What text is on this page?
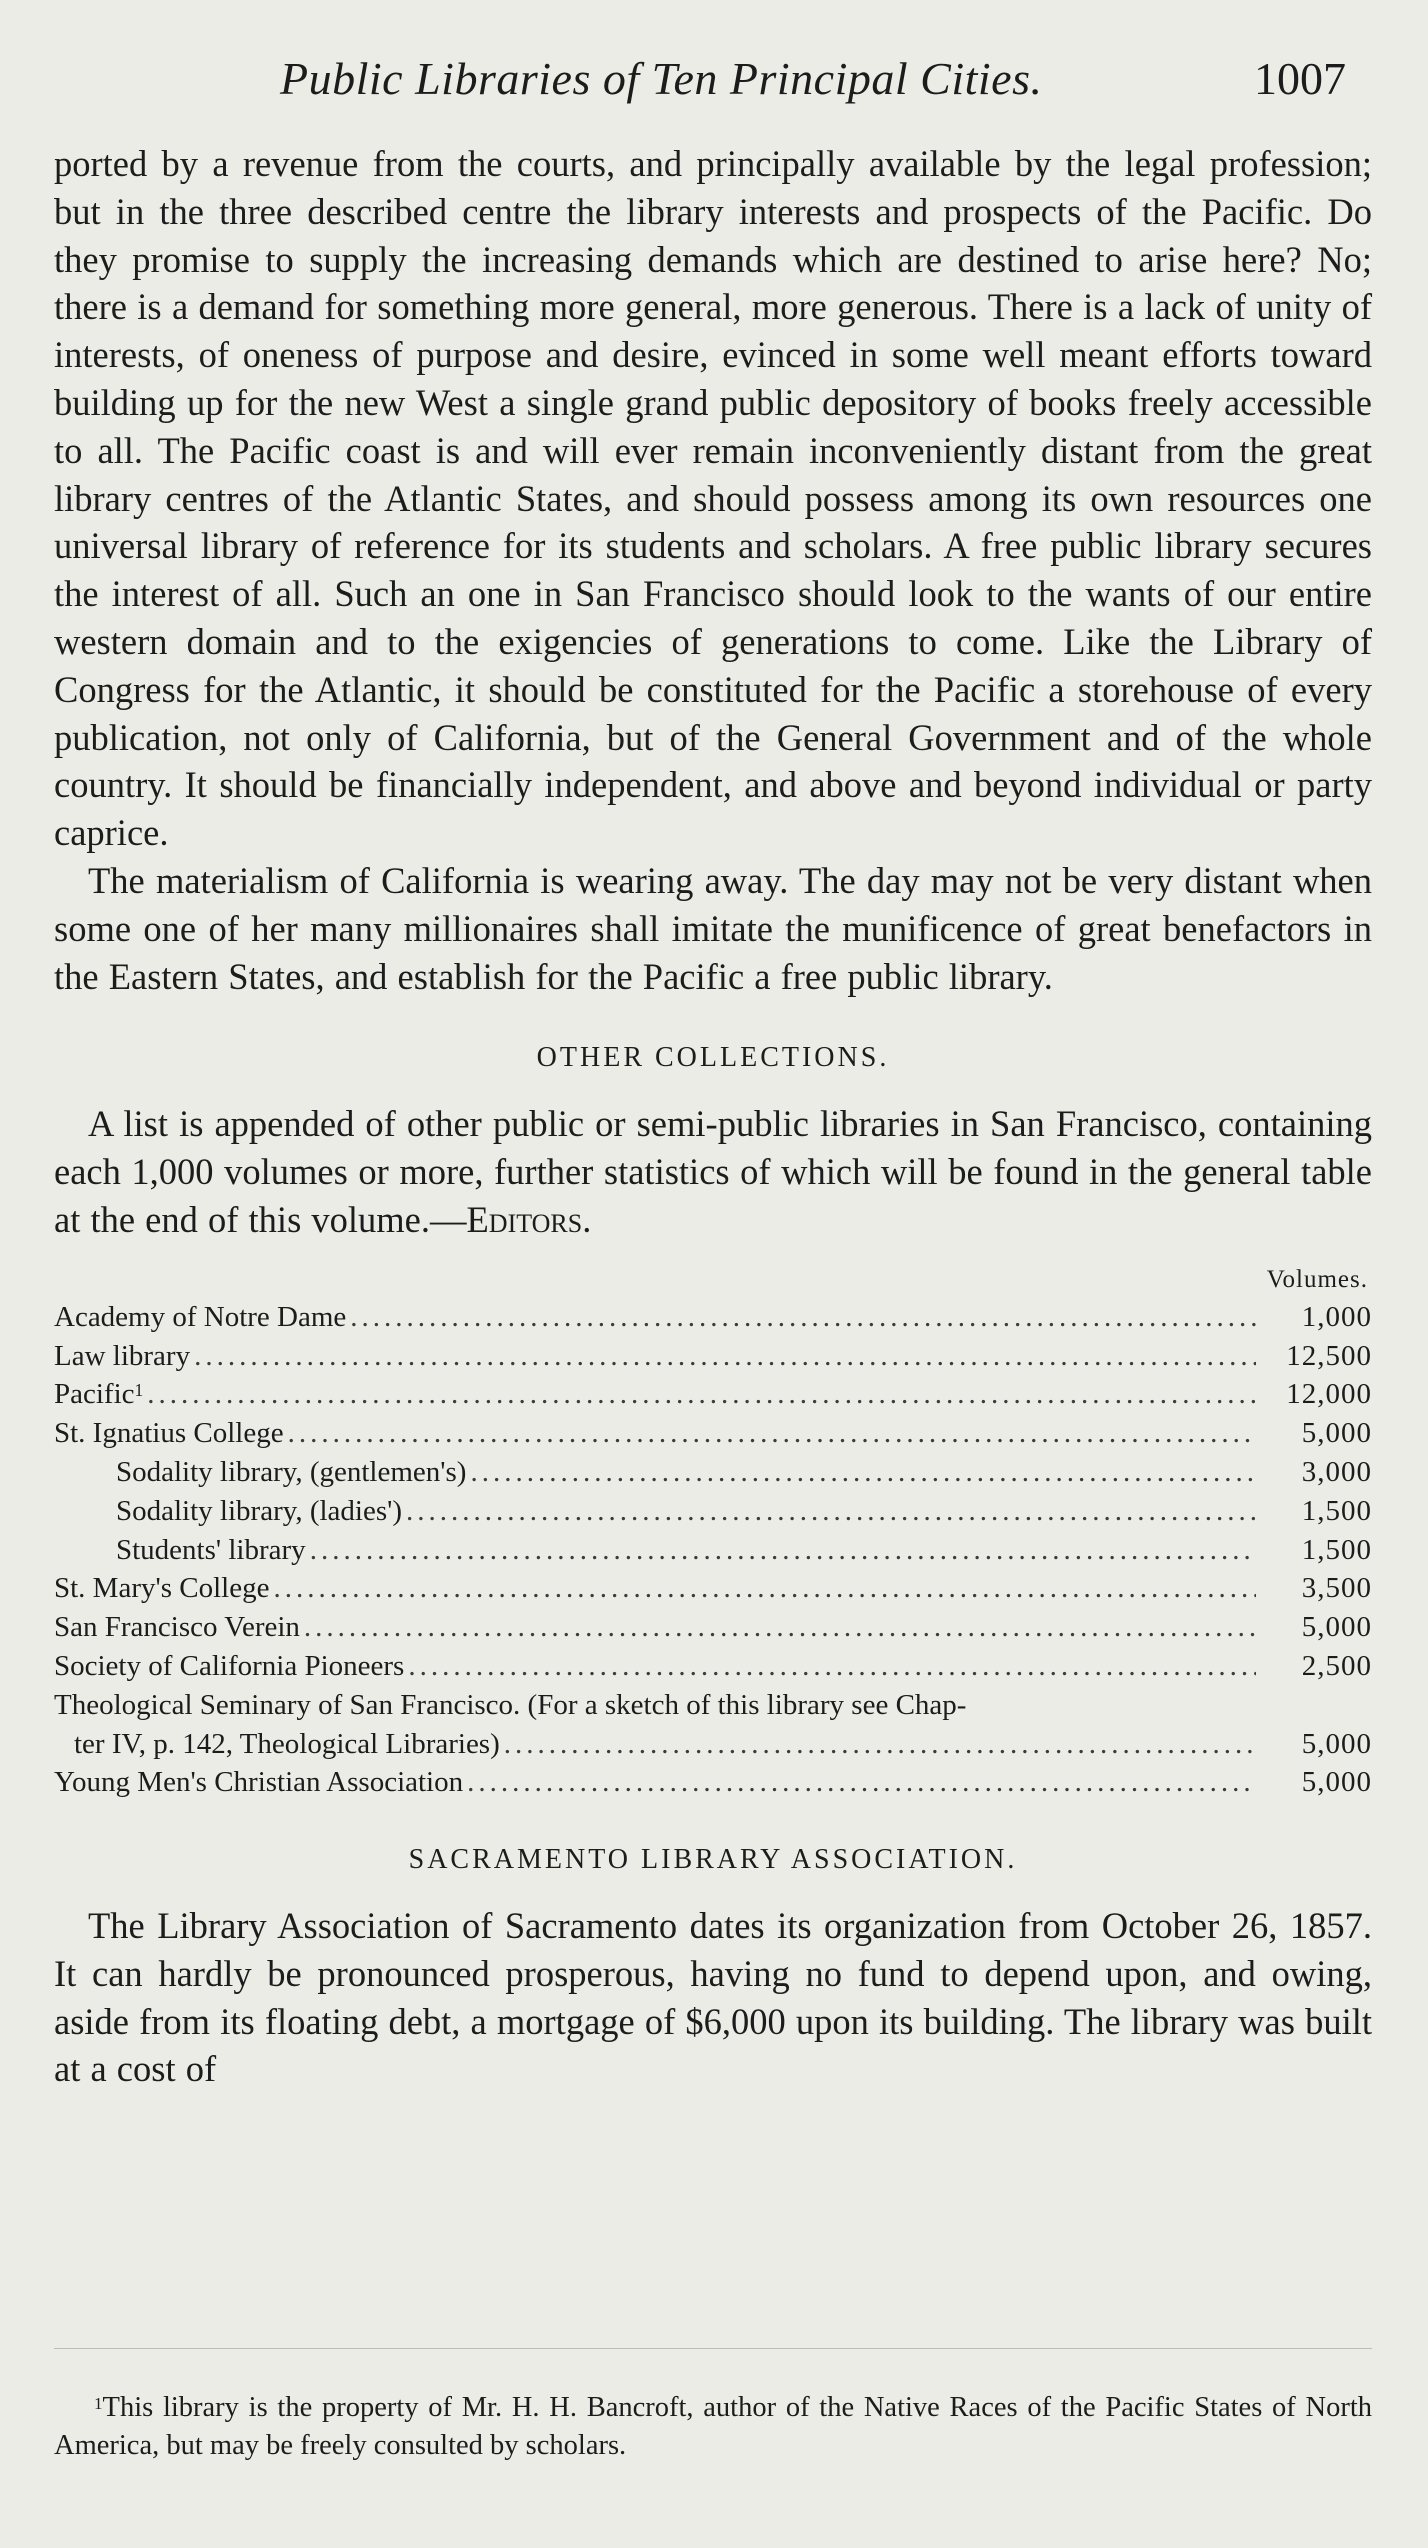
Public Libraries of Ten Principal Cities.	1007

ported by a revenue from the courts, and principally available by the legal profession; but in the three described centre the library interests and prospects of the Pacific. Do they promise to supply the increasing demands which are destined to arise here? No; there is a demand for something more general, more generous. There is a lack of unity of interests, of oneness of purpose and desire, evinced in some well meant efforts toward building up for the new West a single grand public depository of books freely accessible to all. The Pacific coast is and will ever remain inconveniently distant from the great library centres of the Atlantic States, and should possess among its own resources one universal library of reference for its students and scholars. A free public library secures the interest of all. Such an one in San Francisco should look to the wants of our entire western domain and to the exigencies of generations to come. Like the Library of Congress for the Atlantic, it should be constituted for the Pacific a storehouse of every publication, not only of California, but of the General Government and of the whole country. It should be financially independent, and above and beyond individual or party caprice.

The materialism of California is wearing away. The day may not be very distant when some one of her many millionaires shall imitate the munificence of great benefactors in the Eastern States, and establish for the Pacific a free public library.

OTHER COLLECTIONS.

A list is appended of other public or semi-public libraries in San Francisco, containing each 1,000 volumes or more, further statistics of which will be found in the general table at the end of this volume.—Editors.

Volumes.
Academy of Notre Dame .....	1,000
Law library .....	12,500
Pacific$^1$ .....	12,000
St. Ignatius College .....	5,000
Sodality library, (gentlemen's) .....	3,000
Sodality library, (ladies') .....	1,500
Students' library .....	1,500
St. Mary's College .....	3,500
San Francisco Verein .....	5,000
Society of California Pioneers .....	2,500
Theological Seminary of San Francisco. (For a sketch of this library see Chap-
ter IV, p. 142, Theological Libraries) .....	5,000
Young Men's Christian Association .....	5,000
SACRAMENTO LIBRARY ASSOCIATION.

The Library Association of Sacramento dates its organization from October 26, 1857. It can hardly be pronounced prosperous, having no fund to depend upon, and owing, aside from its floating debt, a mortgage of $6,000 upon its building. The library was built at a cost of

$^1$This library is the property of Mr. H. H. Bancroft, author of the Native Races of the Pacific States of North America, but may be freely consulted by scholars.
